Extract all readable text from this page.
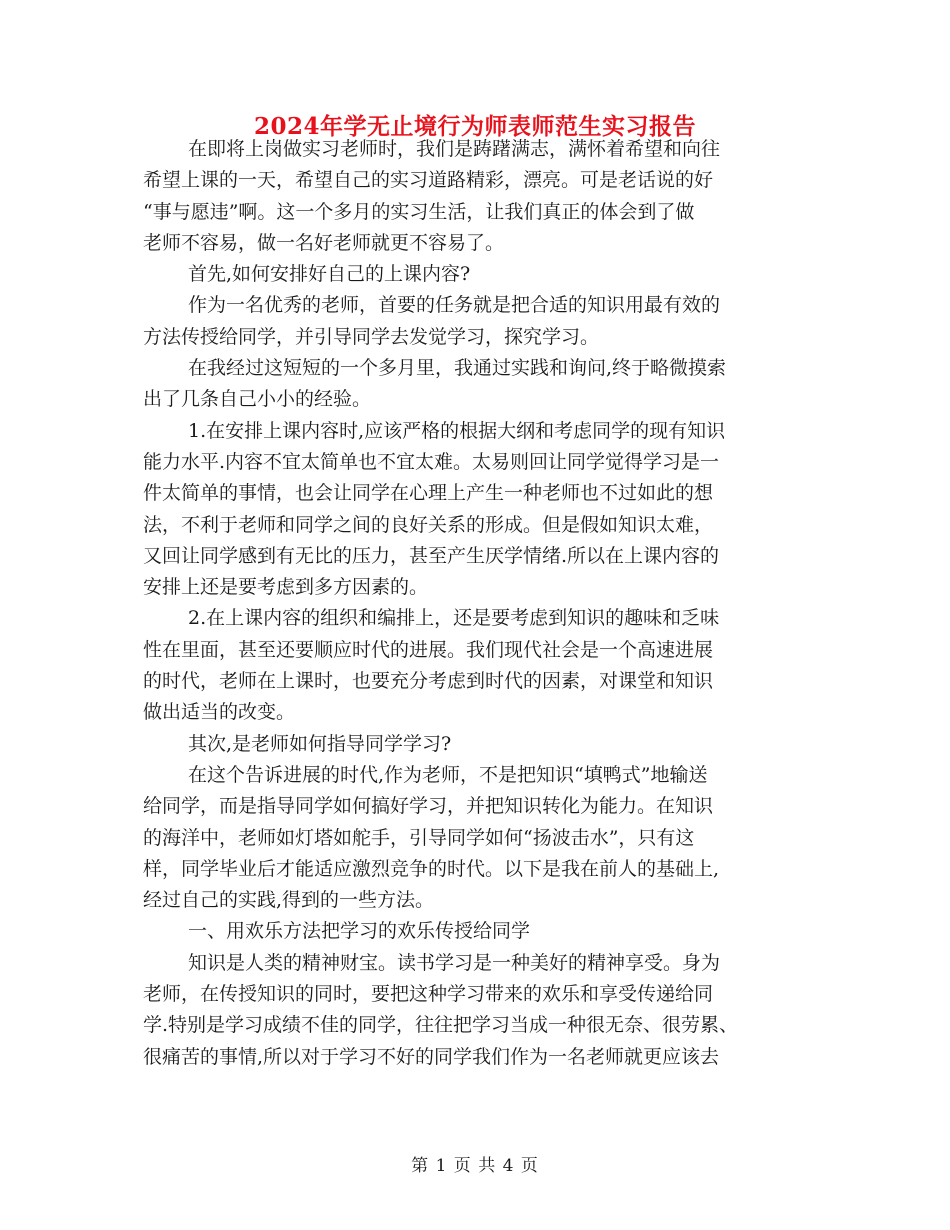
2024年学无止境行为师表师范生实习报告

在即将上岗做实习老师时，我们是踌躇满志，满怀着希望和向往
希望上课的一天，希望自己的实习道路精彩，漂亮。可是老话说的好
“事与愿违”啊。这一个多月的实习生活，让我们真正的体会到了做
老师不容易，做一名好老师就更不容易了。

首先,如何安排好自己的上课内容?

作为一名优秀的老师，首要的任务就是把合适的知识用最有效的
方法传授给同学，并引导同学去发觉学习，探究学习。

在我经过这短短的一个多月里，我通过实践和询问,终于略微摸索
出了几条自己小小的经验。

1.在安排上课内容时,应该严格的根据大纲和考虑同学的现有知识
能力水平.内容不宜太简单也不宜太难。太易则回让同学觉得学习是一
件太简单的事情，也会让同学在心理上产生一种老师也不过如此的想
法，不利于老师和同学之间的良好关系的形成。但是假如知识太难，
又回让同学感到有无比的压力，甚至产生厌学情绪.所以在上课内容的
安排上还是要考虑到多方因素的。

2.在上课内容的组织和编排上，还是要考虑到知识的趣味和乏味
性在里面，甚至还要顺应时代的进展。我们现代社会是一个高速进展
的时代，老师在上课时，也要充分考虑到时代的因素，对课堂和知识
做出适当的改变。

其次,是老师如何指导同学学习?

在这个告诉进展的时代,作为老师，不是把知识“填鸭式”地输送
给同学，而是指导同学如何搞好学习，并把知识转化为能力。在知识
的海洋中，老师如灯塔如舵手，引导同学如何“扬波击水”，只有这
样，同学毕业后才能适应激烈竞争的时代。以下是我在前人的基础上,
经过自己的实践,得到的一些方法。

一、用欢乐方法把学习的欢乐传授给同学

知识是人类的精神财宝。读书学习是一种美好的精神享受。身为
老师，在传授知识的同时，要把这种学习带来的欢乐和享受传递给同
学.特别是学习成绩不佳的同学，往往把学习当成一种很无奈、很劳累、
很痛苦的事情,所以对于学习不好的同学我们作为一名老师就更应该去

第 1 页 共 4 页
